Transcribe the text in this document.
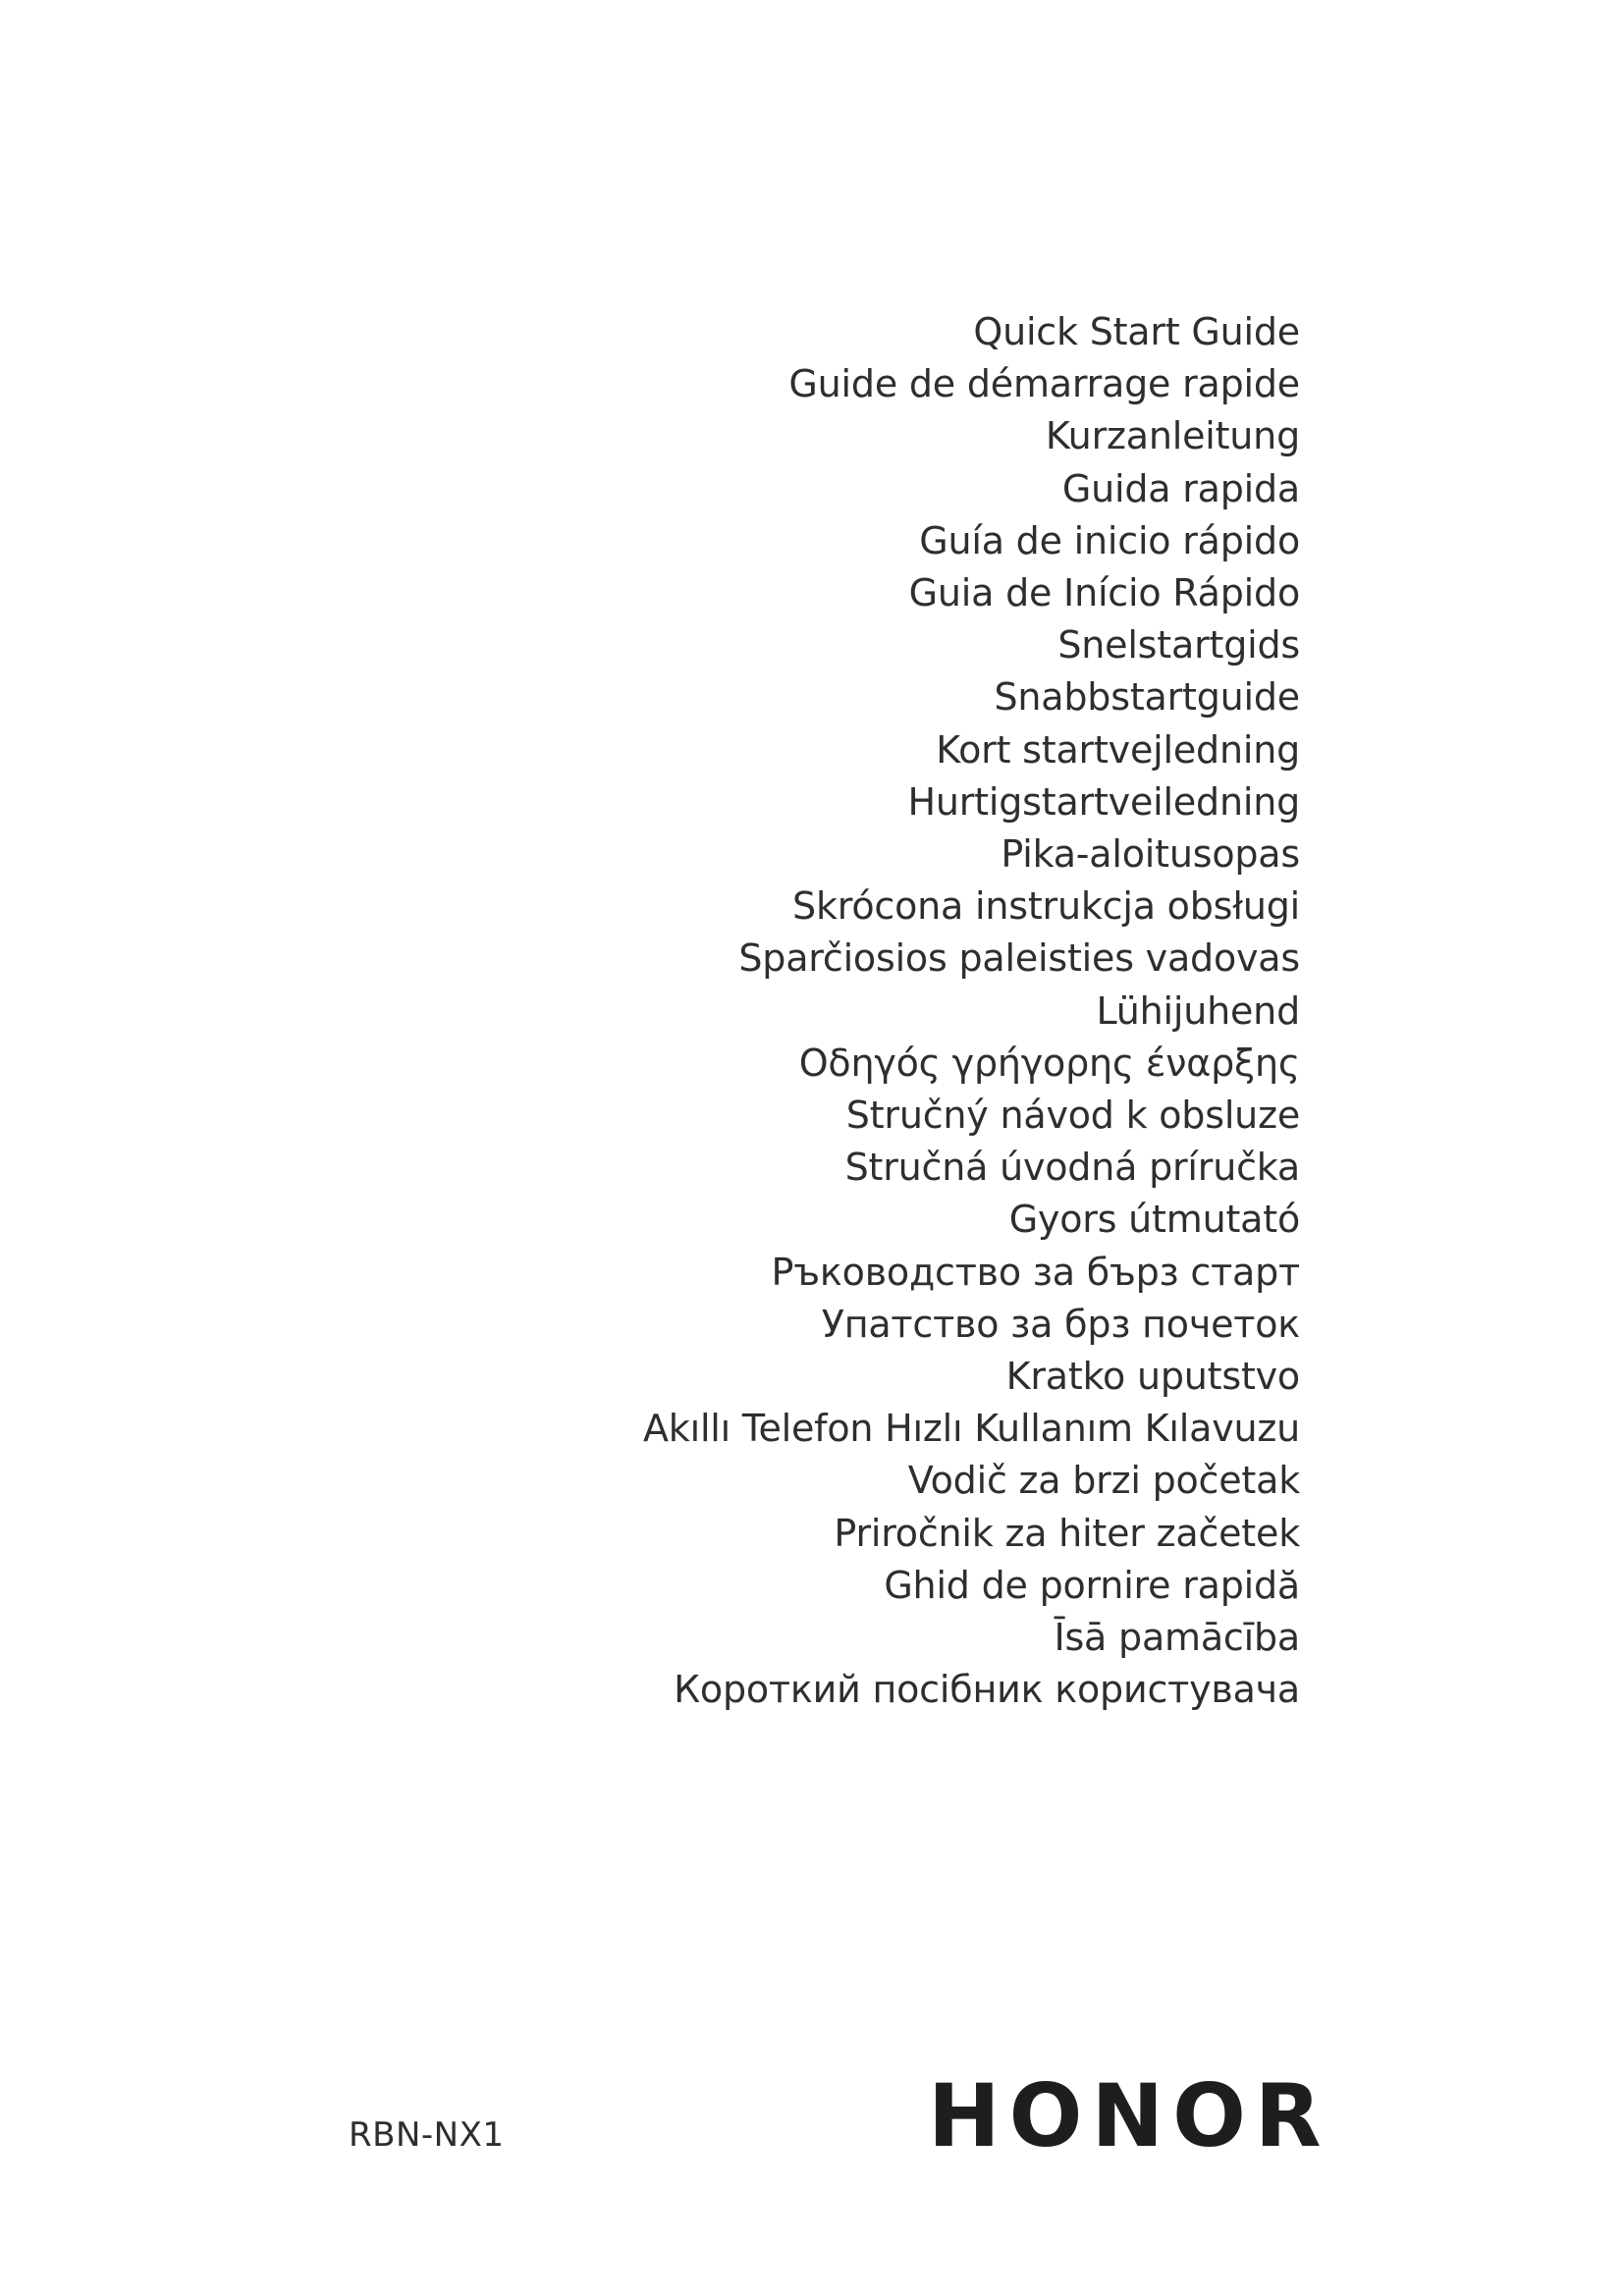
Quick Start Guide
Guide de démarrage rapide
Kurzanleitung
Guida rapida
Guía de inicio rápido
Guia de Início Rápido
Snelstartgids
Snabbstartguide
Kort startvejledning
Hurtigstartveiledning
Pika-aloitusopas
Skrócona instrukcja obsługi
Sparčiosios paleisties vadovas
Lühijuhend
Οδηγός γρήγορης έναρξης
Stručný návod k obsluze
Stručná úvodná príručka
Gyors útmutató
Ръководство за бърз старт
Упатство за брз почеток
Kratko uputstvo
Akıllı Telefon Hızlı Kullanım Kılavuzu
Vodič za brzi početak
Priročnik za hiter začetek
Ghid de pornire rapidă
Īsā pamācība
Короткий посібник користувача
RBN-NX1	HONOR
